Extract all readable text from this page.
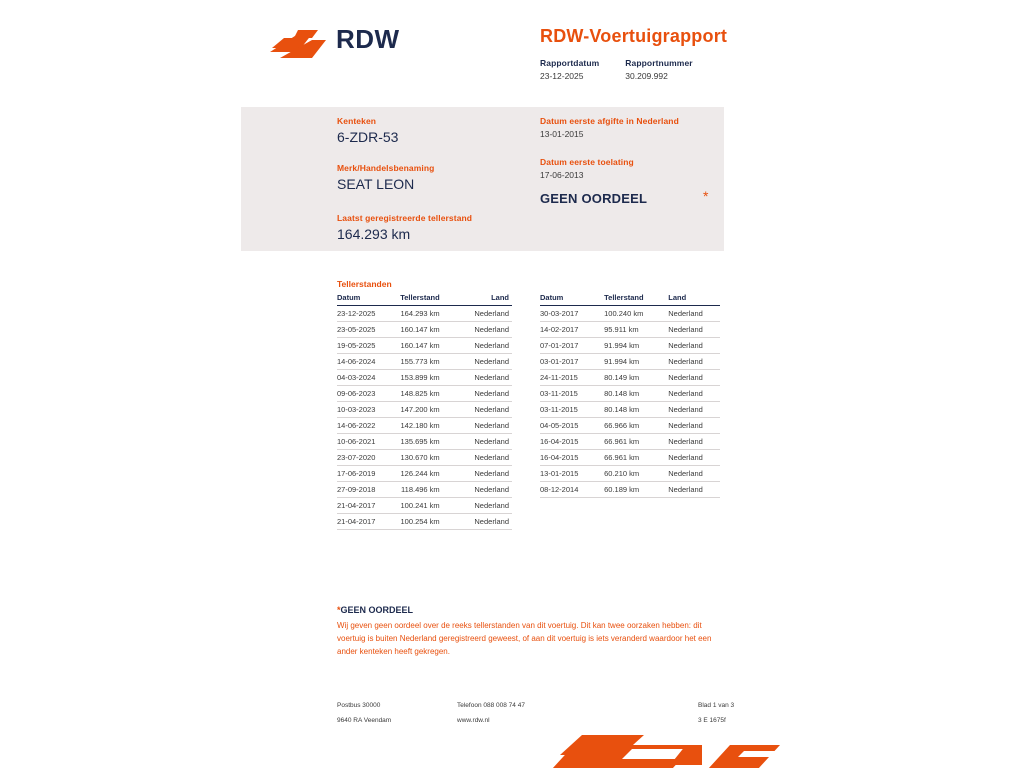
RDW	RDW-Voertuigrapport
Rapportdatum
23-12-2025
Rapportnummer
30.209.992
Kenteken
6-ZDR-53
Merk/Handelsbenaming
SEAT LEON
Datum eerste afgifte in Nederland
13-01-2015
Datum eerste toelating
17-06-2013
GEEN OORDEEL	*
Laatst geregistreerde tellerstand
164.293 km
Tellerstanden
Datum	Tellerstand	Land
23-12-2025	164.293 km	Nederland
23-05-2025	160.147 km	Nederland
19-05-2025	160.147 km	Nederland
14-06-2024	155.773 km	Nederland
04-03-2024	153.899 km	Nederland
09-06-2023	148.825 km	Nederland
10-03-2023	147.200 km	Nederland
14-06-2022	142.180 km	Nederland
10-06-2021	135.695 km	Nederland
23-07-2020	130.670 km	Nederland
17-06-2019	126.244 km	Nederland
27-09-2018	118.496 km	Nederland
21-04-2017	100.241 km	Nederland
21-04-2017	100.254 km	Nederland
Datum	Tellerstand	Land
30-03-2017	100.240 km	Nederland
14-02-2017	95.911 km	Nederland
07-01-2017	91.994 km	Nederland
03-01-2017	91.994 km	Nederland
24-11-2015	80.149 km	Nederland
03-11-2015	80.148 km	Nederland
03-11-2015	80.148 km	Nederland
04-05-2015	66.966 km	Nederland
16-04-2015	66.961 km	Nederland
16-04-2015	66.961 km	Nederland
13-01-2015	60.210 km	Nederland
08-12-2014	60.189 km	Nederland
*GEEN OORDEEL
Wij geven geen oordeel over de reeks tellerstanden van dit voertuig. Dit kan twee oorzaken hebben: dit voertuig is buiten Nederland geregistreerd geweest, of aan dit voertuig is iets veranderd waardoor het een ander kenteken heeft gekregen.
Postbus 30000
9640 RA Veendam
Telefoon 088 008 74 47
www.rdw.nl
Blad 1 van 3
3 E 1675f
